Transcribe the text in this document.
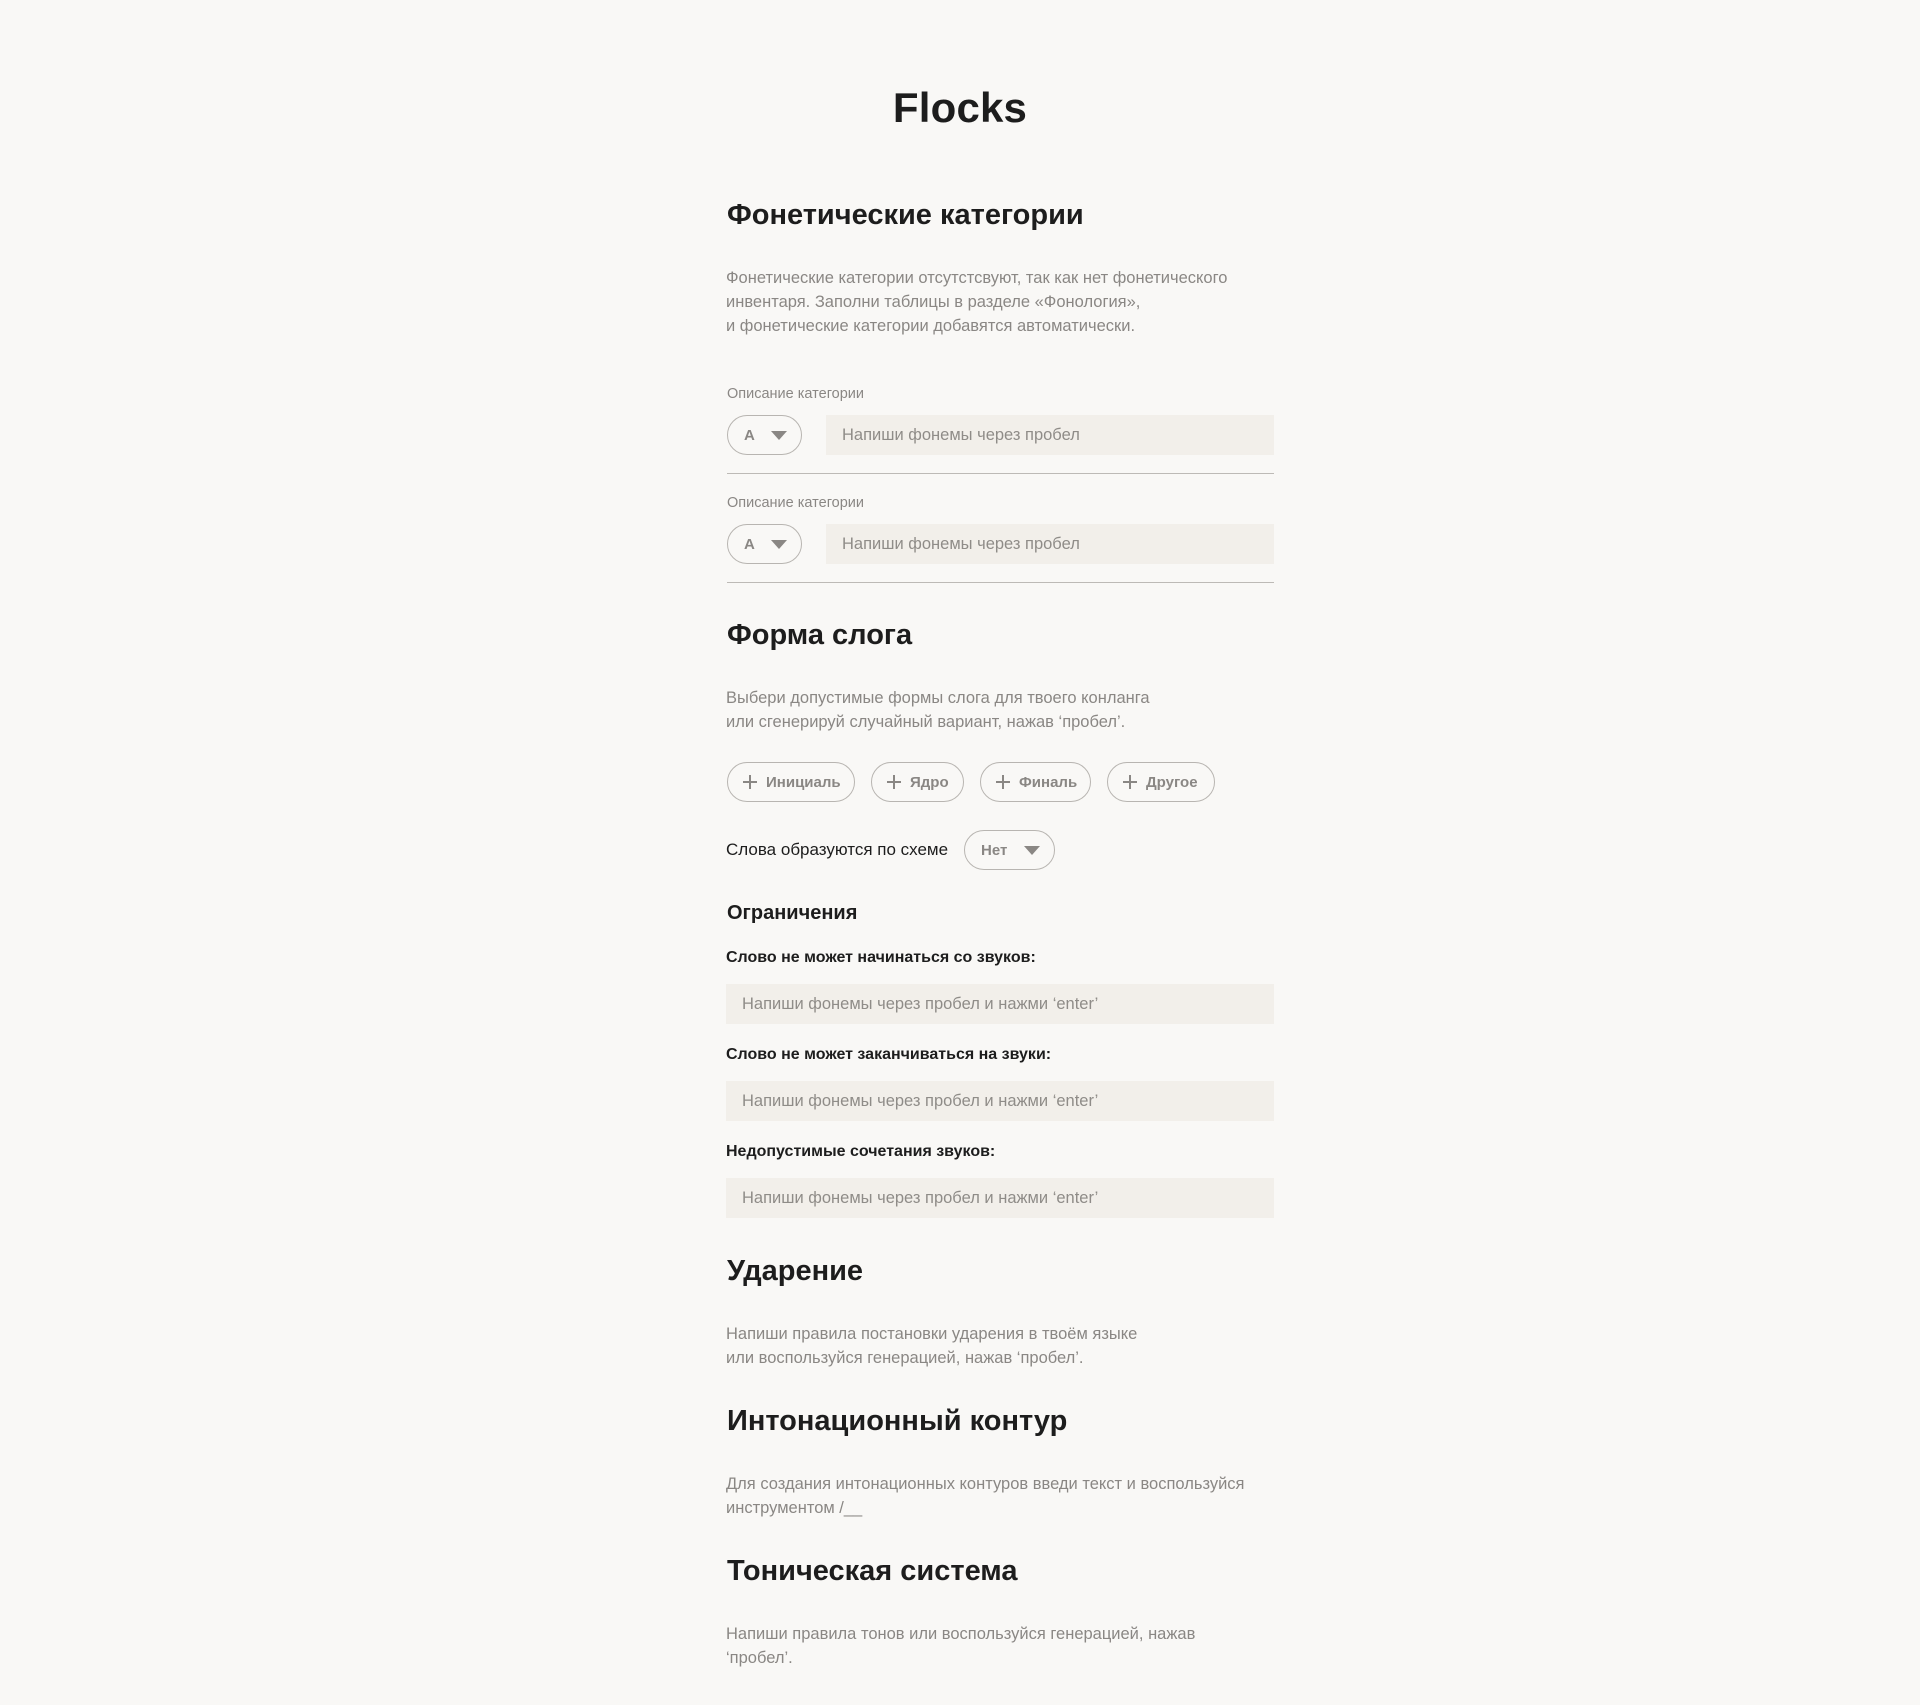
Flocks
Фонетические категории
Фонетические категории отсутстсвуют, так как нет фонетического
инвентаря. Заполни таблицы в разделе «Фонология»,
и фонетические категории добавятся автоматически.
Описание категории
А
Напиши фонемы через пробел
Описание категории
А
Напиши фонемы через пробел
Форма слога
Выбери допустимые формы слога для твоего конланга
или сгенерируй случайный вариант, нажав ‘пробел’.
Инициаль	Ядро	Финаль	Другое
Слова образуются по схеме Нет
Ограничения
Слово не может начинаться со звуков:
Напиши фонемы через пробел и нажми ‘enter’
Слово не может заканчиваться на звуки:
Напиши фонемы через пробел и нажми ‘enter’
Недопустимые сочетания звуков:
Напиши фонемы через пробел и нажми ‘enter’
Ударение
Напиши правила постановки ударения в твоём языке
или воспользуйся генерацией, нажав ‘пробел’.
Интонационный контур
Для создания интонационных контуров введи текст и воспользуйся
инструментом /__
Тоническая система
Напиши правила тонов или воспользуйся генерацией, нажав
‘пробел’.
